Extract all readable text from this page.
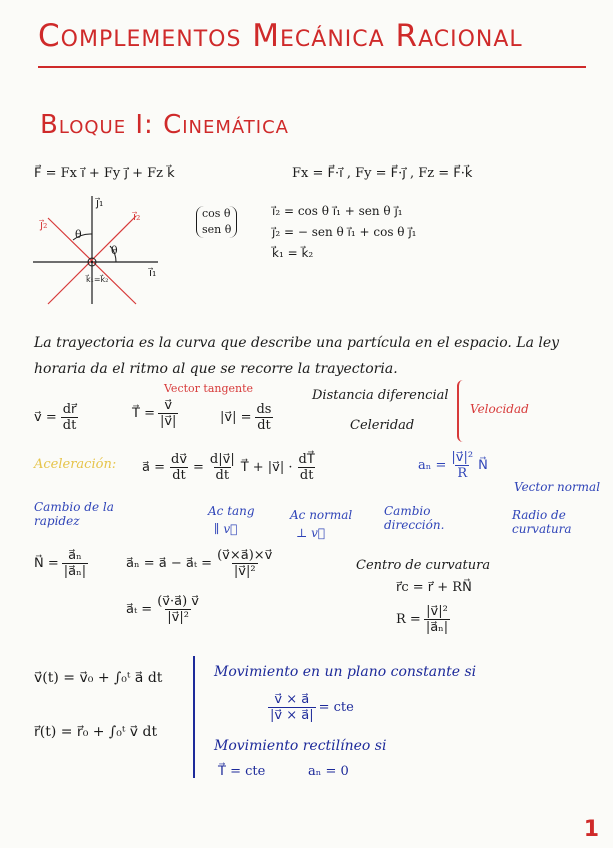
Complementos Mecánica Racional
Bloque I: Cinemática
F⃗ = Fx i⃗ + Fy j⃗ + Fz k⃗	Fx = F⃗·i⃗ , Fy = F⃗·j⃗ , Fz = F⃗·k⃗
j⃗₁
i⃗₂
j⃗₂
i⃗₁
θ
θ
k⃗₁=k⃗₂
cos θ
sen θ
i⃗₂ = cos θ i⃗₁ + sen θ j⃗₁
j⃗₂ = − sen θ i⃗₁ + cos θ j⃗₁
k⃗₁ = k⃗₂
La trayectoria es la curva que describe una partícula en el espacio. La ley horaria da el ritmo al que se recorre la trayectoria.
v⃗ = $\frac{dr⃗}{dt}$	T⃗ = $\frac{v⃗}{|v⃗|}$
Vector tangente
|v⃗| = $\frac{ds}{dt}$
Distancia diferencial
Celeridad
Velocidad
Aceleración: a⃗ = $\frac{dv⃗}{dt} = \frac{d|v⃗|}{dt}$ T⃗ + |v⃗| · $\frac{dT⃗}{dt}$	$a_n = \frac{\text{|v⃗|²}}{R}$ N⃗
Vector normal
Radio de curvatura
Cambio de la rapidez
Ac tang
∥ v⃗
Ac normal
⊥ v⃗
Cambio dirección.
N⃗ = $\frac{\text{a⃗ₙ}}{\text{|a⃗ₙ|}}$	a⃗ₙ = a⃗ − a⃗ₜ = $\frac{(v⃗\times a⃗)\times v⃗}{\text{|v⃗|²}}$
a⃗ₜ = $\frac{(v⃗\cdot a⃗) v⃗}{\text{|v⃗|²}}$
Centro de curvatura
r⃗c = r⃗ + RN⃗
$R = \frac{\text{|v⃗|²}}{\text{|a⃗ₙ|}}$
v⃗(t) = v⃗₀ + ∫₀ᵗ a⃗ dt
r⃗(t) = r⃗₀ + ∫₀ᵗ v⃗ dt
Movimiento en un plano constante si
$\frac{v⃗ \times a⃗}{|v⃗ \times a⃗|}$ = cte
Movimiento rectilíneo si
T⃗ = cte	aₙ = 0
1
